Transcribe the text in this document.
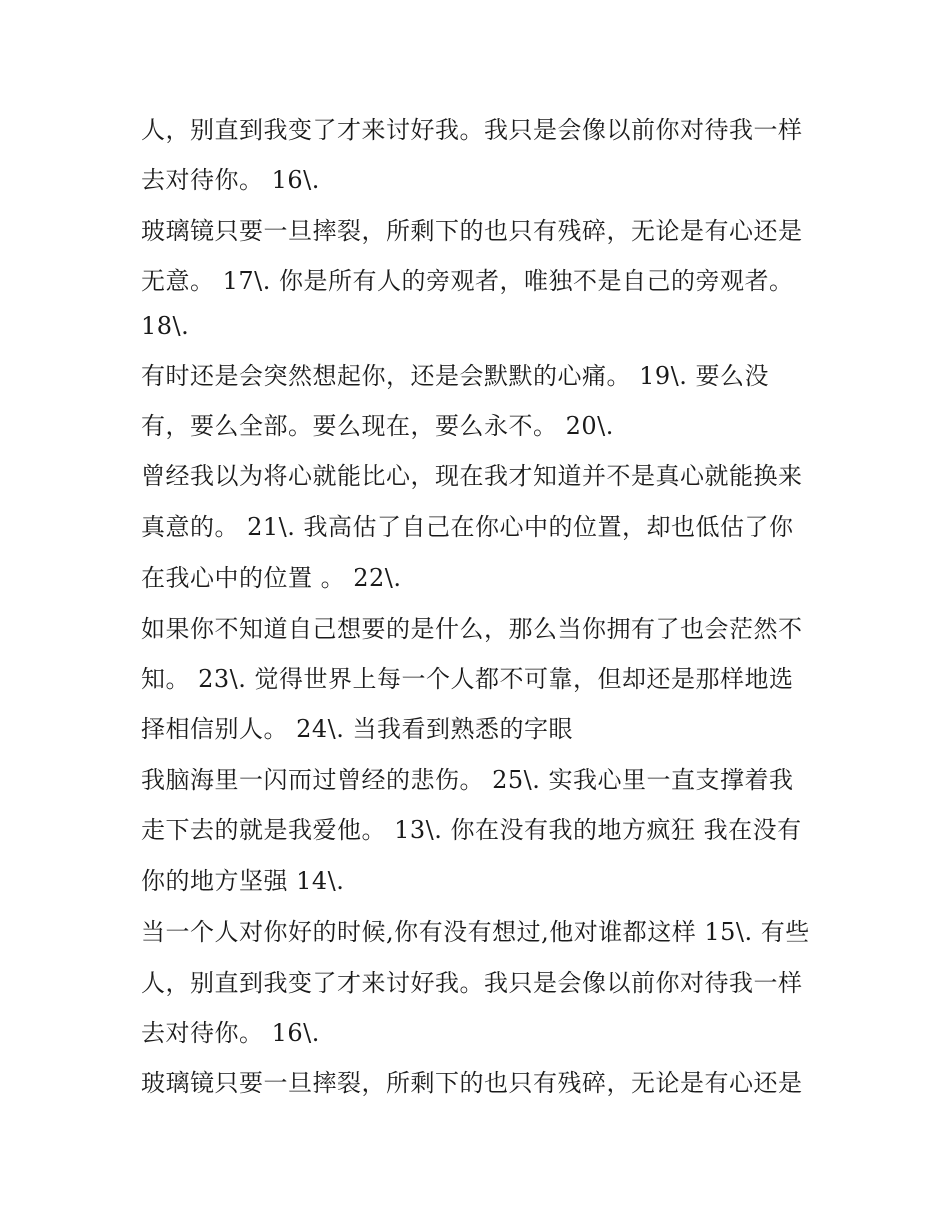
人，别直到我变了才来讨好我。我只是会像以前你对待我一样
去对待你。 16\.
玻璃镜只要一旦摔裂，所剩下的也只有残碎，无论是有心还是
无意。 17\. 你是所有人的旁观者，唯独不是自己的旁观者。
18\.
有时还是会突然想起你，还是会默默的心痛。 19\. 要么没
有，要么全部。要么现在，要么永不。 20\.
曾经我以为将心就能比心，现在我才知道并不是真心就能换来
真意的。 21\. 我高估了自己在你心中的位置，却也低估了你
在我心中的位置 。 22\.
如果你不知道自己想要的是什么，那么当你拥有了也会茫然不
知。 23\. 觉得世界上每一个人都不可靠，但却还是那样地选
择相信别人。 24\. 当我看到熟悉的字眼
我脑海里一闪而过曾经的悲伤。 25\. 实我心里一直支撑着我
走下去的就是我爱他。 13\. 你在没有我的地方疯狂 我在没有
你的地方坚强 14\.
当一个人对你好的时候,你有没有想过,他对谁都这样 15\. 有些
人，别直到我变了才来讨好我。我只是会像以前你对待我一样
去对待你。 16\.
玻璃镜只要一旦摔裂，所剩下的也只有残碎，无论是有心还是
